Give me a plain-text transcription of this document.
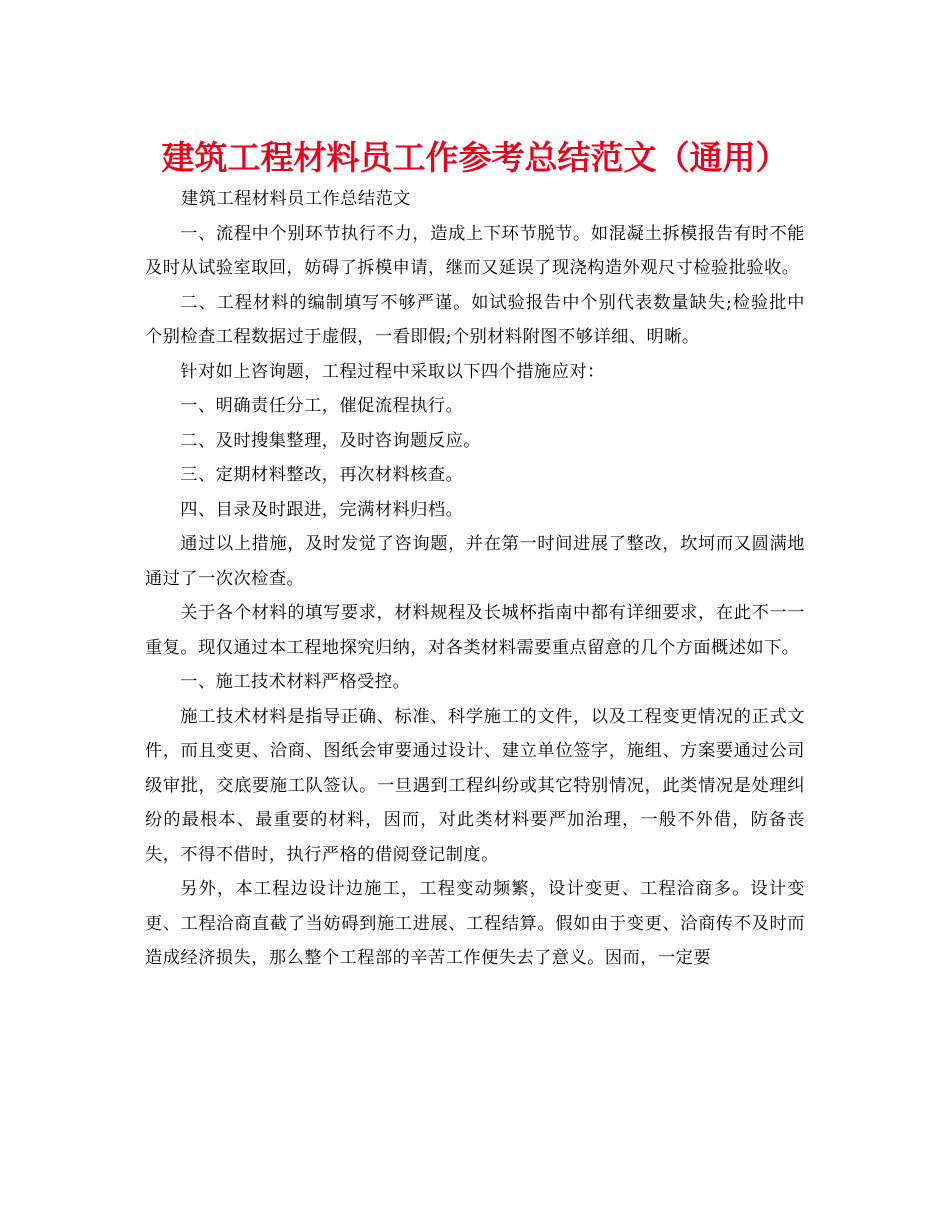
建筑工程材料员工作参考总结范文（通用）

建筑工程材料员工作总结范文

一、流程中个别环节执行不力，造成上下环节脱节。如混凝土拆模报告有时不能及时从试验室取回，妨碍了拆模申请，继而又延误了现浇构造外观尺寸检验批验收。

二、工程材料的编制填写不够严谨。如试验报告中个别代表数量缺失;检验批中个别检查工程数据过于虚假，一看即假;个别材料附图不够详细、明晰。

针对如上咨询题，工程过程中采取以下四个措施应对：

一、明确责任分工，催促流程执行。

二、及时搜集整理，及时咨询题反应。

三、定期材料整改，再次材料核查。

四、目录及时跟进，完满材料归档。

通过以上措施，及时发觉了咨询题，并在第一时间进展了整改，坎坷而又圆满地通过了一次次检查。

关于各个材料的填写要求，材料规程及长城杯指南中都有详细要求，在此不一一重复。现仅通过本工程地探究归纳，对各类材料需要重点留意的几个方面概述如下。

一、施工技术材料严格受控。

施工技术材料是指导正确、标准、科学施工的文件，以及工程变更情况的正式文件，而且变更、洽商、图纸会审要通过设计、建立单位签字，施组、方案要通过公司级审批，交底要施工队签认。一旦遇到工程纠纷或其它特别情况，此类情况是处理纠纷的最根本、最重要的材料，因而，对此类材料要严加治理，一般不外借，防备丧失，不得不借时，执行严格的借阅登记制度。

另外，本工程边设计边施工，工程变动频繁，设计变更、工程洽商多。设计变更、工程洽商直截了当妨碍到施工进展、工程结算。假如由于变更、洽商传不及时而造成经济损失，那么整个工程部的辛苦工作便失去了意义。因而，一定要
